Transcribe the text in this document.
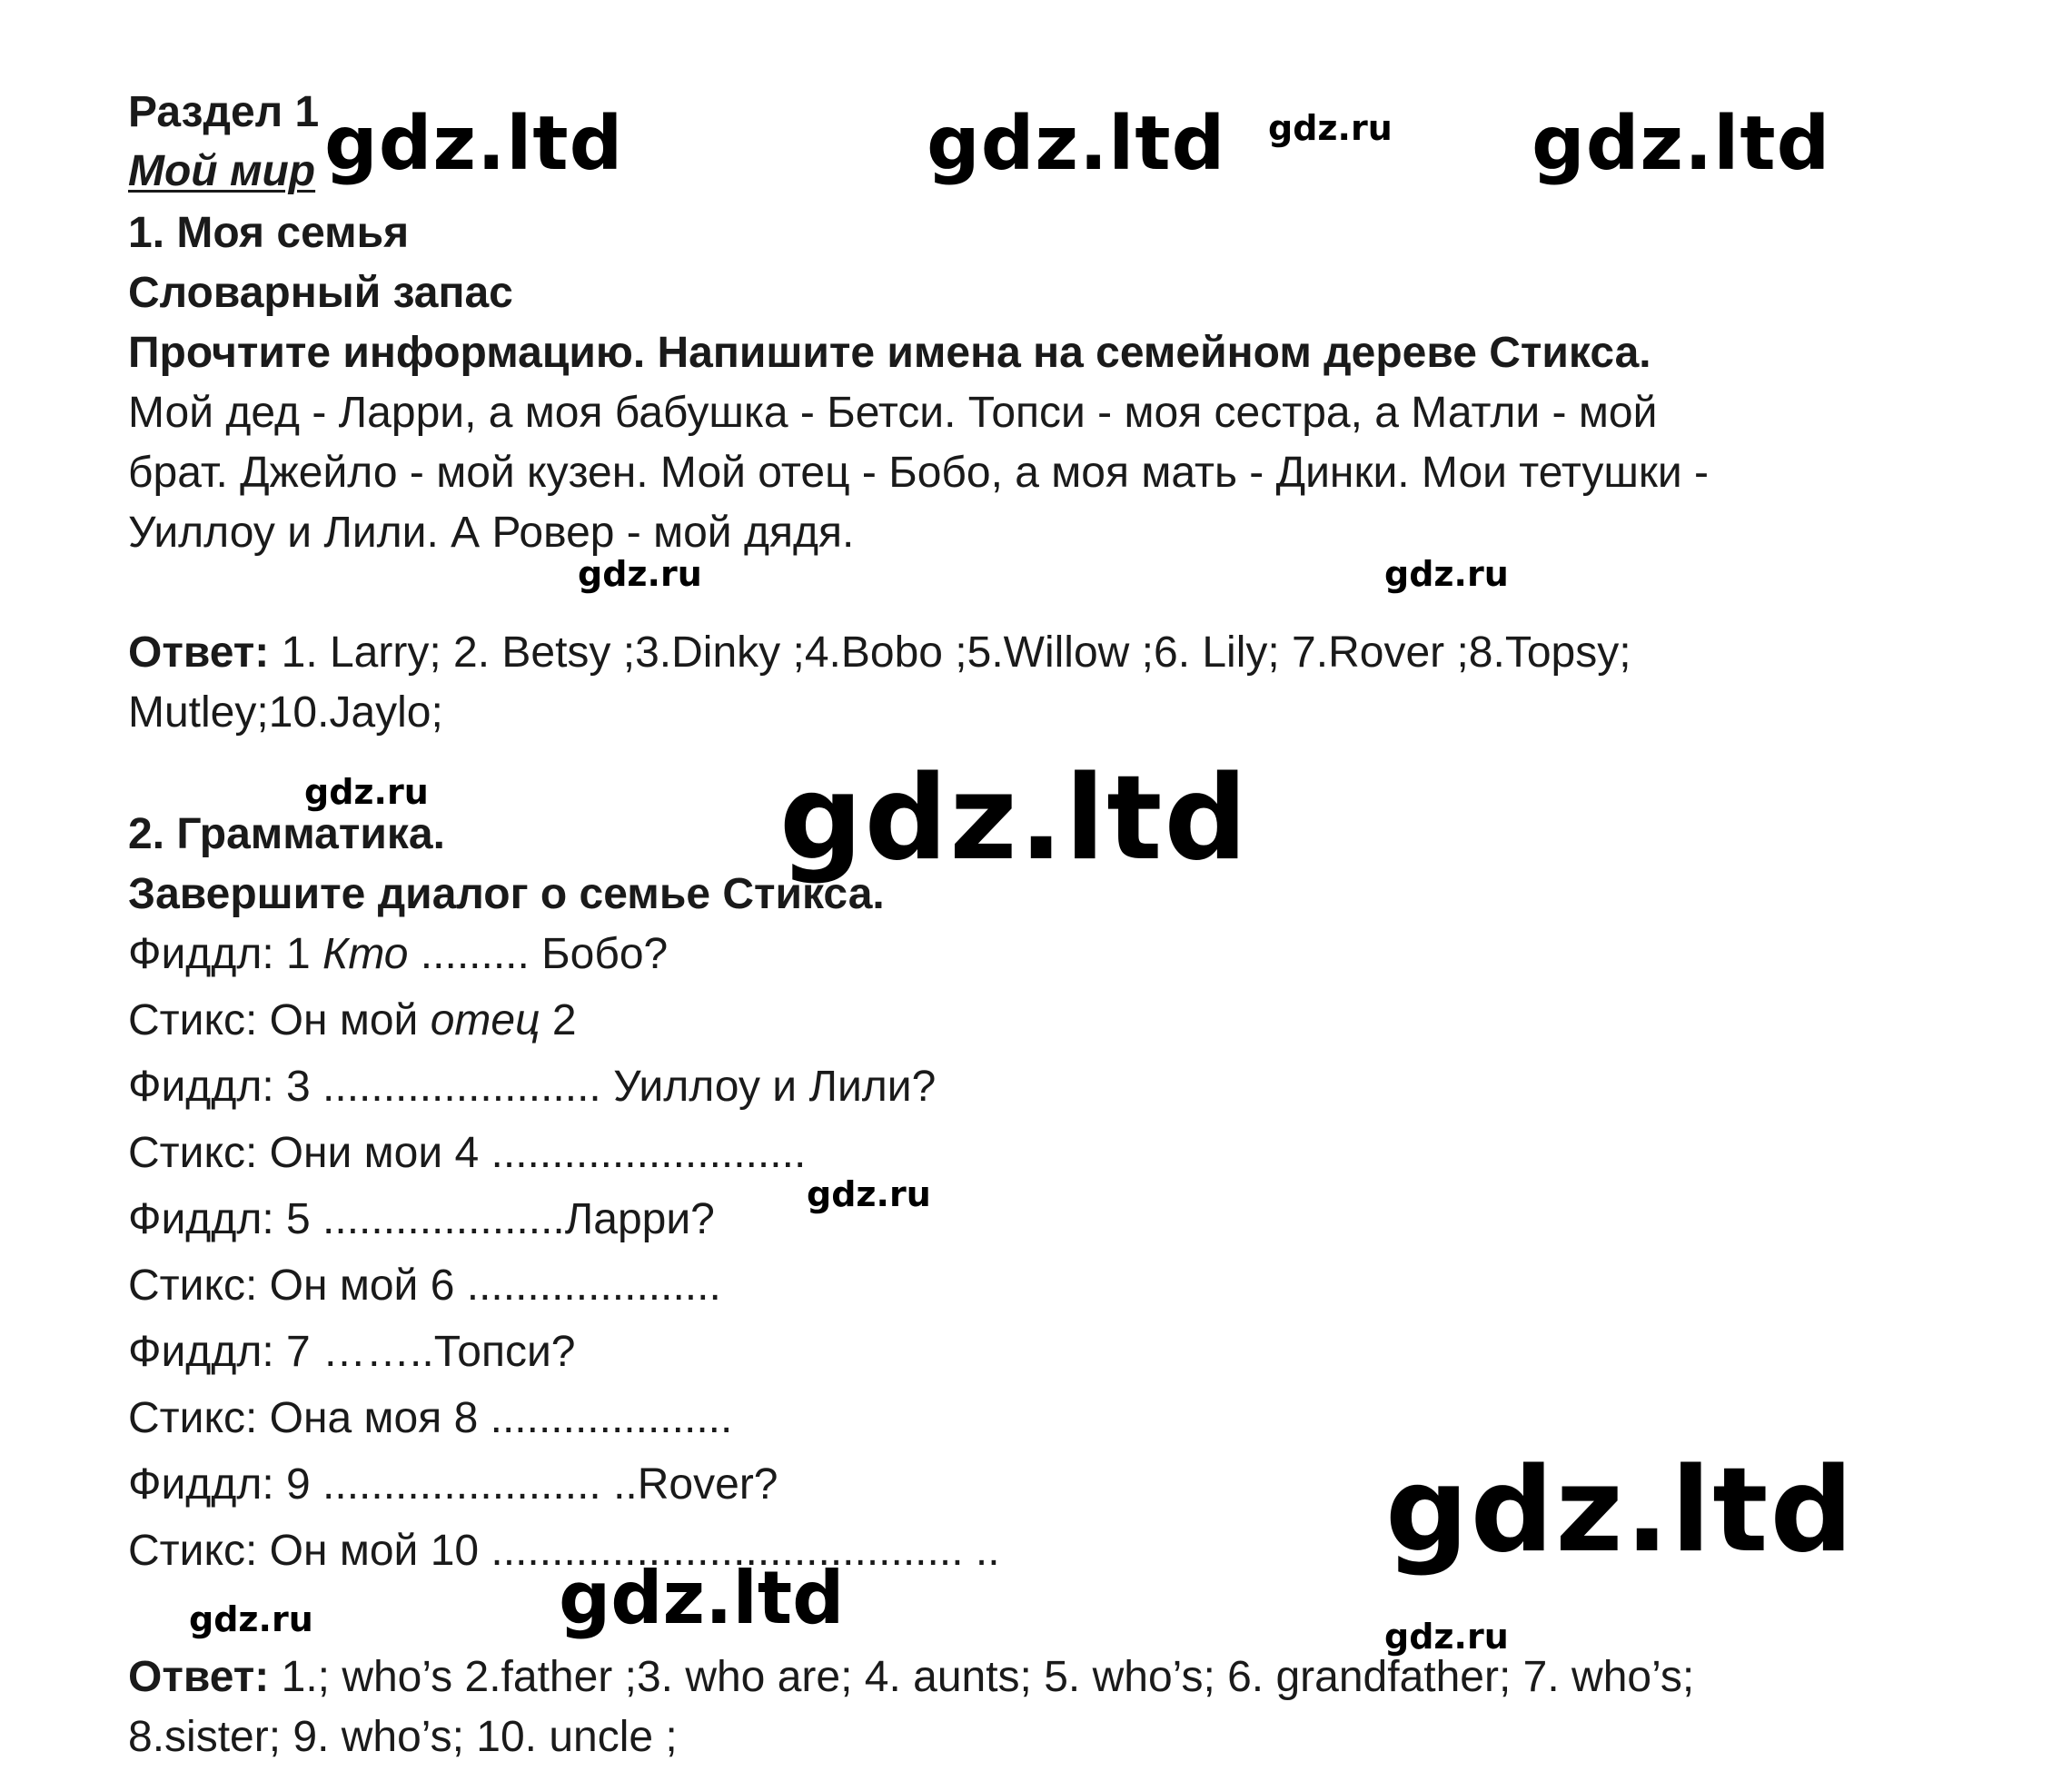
Раздел 1
Мой мир
1. Моя семья
Словарный запас
Прочтите информацию. Напишите имена на семейном дереве Стикса.
Мой дед - Ларри, а моя бабушка - Бетси. Топси - моя сестра, а Матли - мой
брат. Джейло - мой кузен. Мой отец - Бобо, а моя мать - Динки. Мои тетушки -
Уиллоу и Лили. А Ровер - мой дядя.
Ответ: 1. Larry; 2. Betsy ;3.Dinky ;4.Bobo ;5.Willow ;6. Lily; 7.Rover ;8.Topsy;
Mutley;10.Jaylo;
2. Грамматика.
Завершите диалог о семье Стикса.
Фиддл: 1 Кто ......... Бобо?
Стикс: Он мой отец 2
Фиддл: 3 ....................... Уиллоу и Лили?
Стикс: Они мои 4 ..........................
Фиддл: 5 ....................Ларри?
Стикс: Он мой 6 .....................
Фиддл: 7 ……..Топси?
Стикс: Она моя 8 ....................
Фиддл: 9 ....................... ..Rover?
Стикс: Он мой 10 ....................................... ..
Ответ: 1.; who’s 2.father ;3. who are; 4. aunts; 5. who’s; 6. grandfather; 7. who’s;
8.sister; 9. who’s; 10. uncle ;
gdz.ltd	gdz.ltd gdz.ru gdz.ltd
gdz.ru	gdz.ru
gdz.ru	gdz.ltd
gdz.ru
gdz.ltd
gdz.ltd
gdz.ru	gdz.ru
